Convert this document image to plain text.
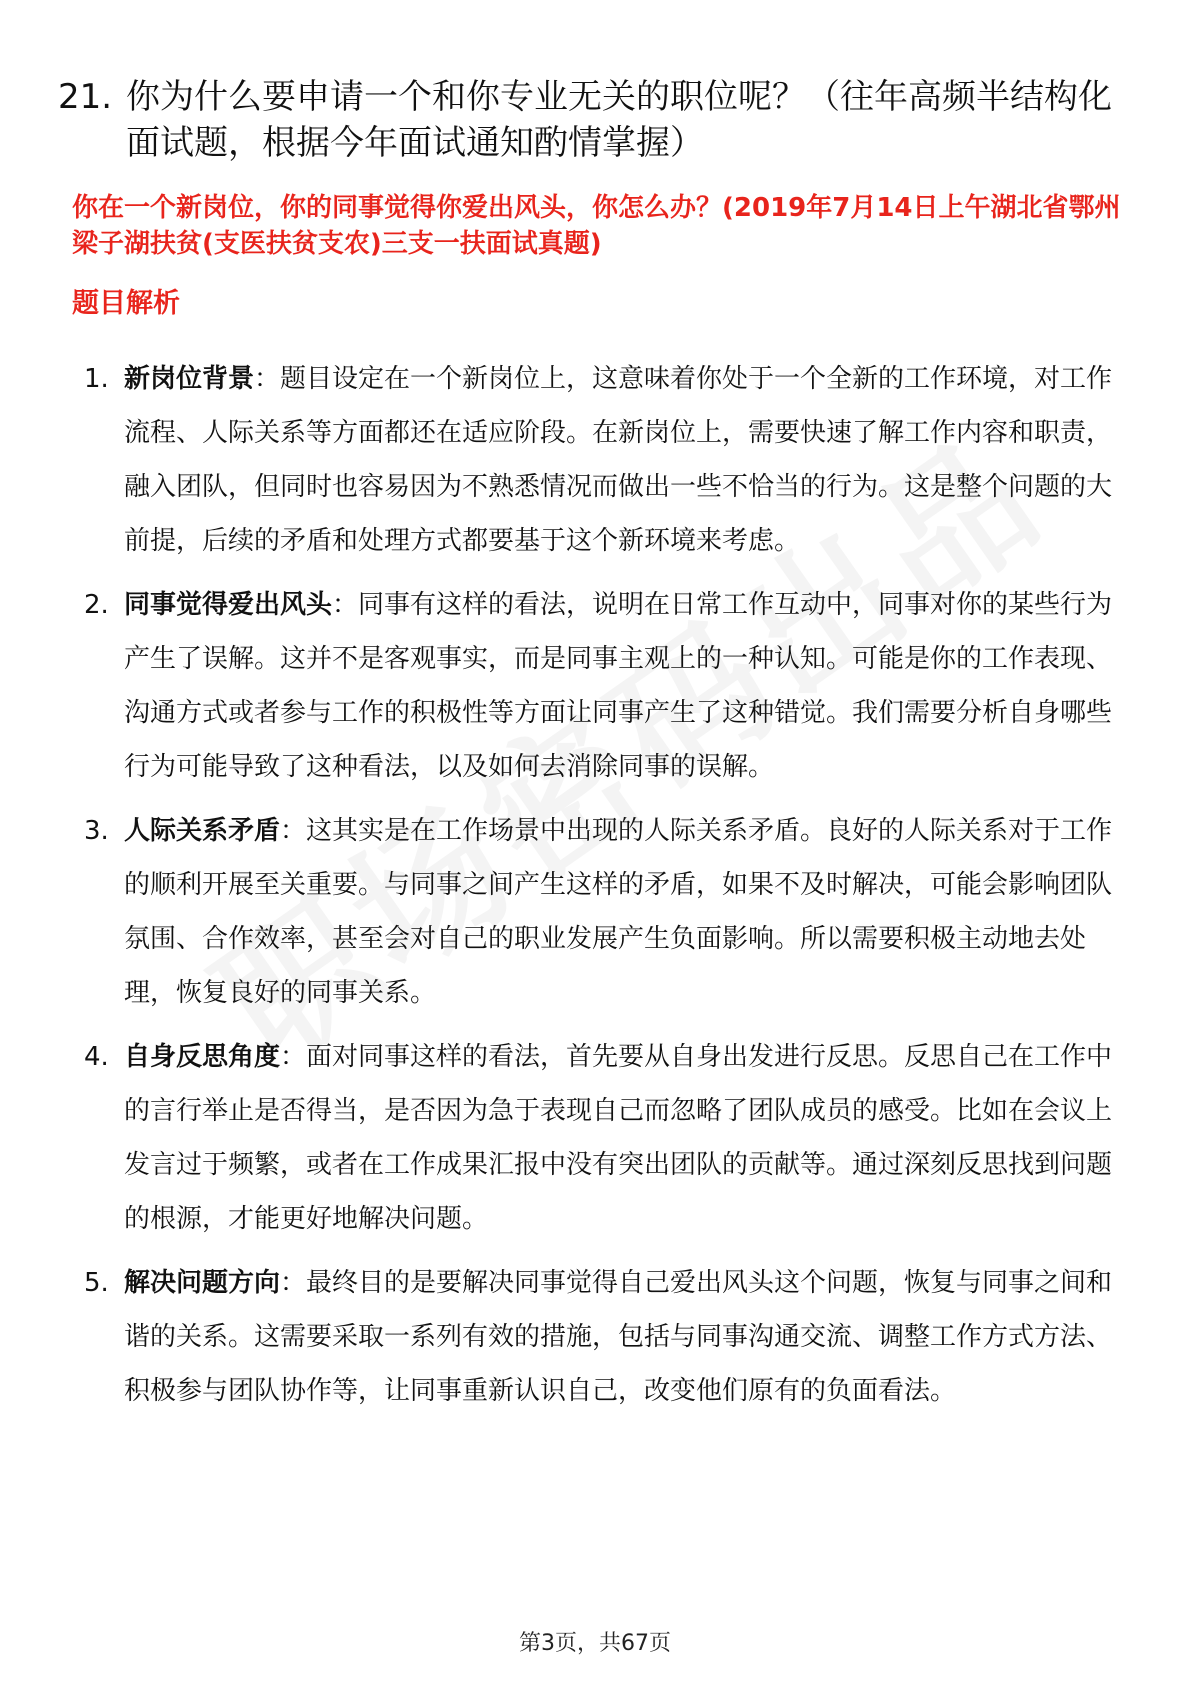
21. 你为什么要申请一个和你专业无关的职位呢？（往年高频半结构化面试题，根据今年面试通知酌情掌握）
你在一个新岗位，你的同事觉得你爱出风头，你怎么办？(2019年7月14日上午湖北省鄂州梁子湖扶贫(支医扶贫支农)三支一扶面试真题)
题目解析
1. 新岗位背景：题目设定在一个新岗位上，这意味着你处于一个全新的工作环境，对工作流程、人际关系等方面都还在适应阶段。在新岗位上，需要快速了解工作内容和职责，融入团队，但同时也容易因为不熟悉情况而做出一些不恰当的行为。这是整个问题的大前提，后续的矛盾和处理方式都要基于这个新环境来考虑。
2. 同事觉得爱出风头：同事有这样的看法，说明在日常工作互动中，同事对你的某些行为产生了误解。这并不是客观事实，而是同事主观上的一种认知。可能是你的工作表现、沟通方式或者参与工作的积极性等方面让同事产生了这种错觉。我们需要分析自身哪些行为可能导致了这种看法，以及如何去消除同事的误解。
3. 人际关系矛盾：这其实是在工作场景中出现的人际关系矛盾。良好的人际关系对于工作的顺利开展至关重要。与同事之间产生这样的矛盾，如果不及时解决，可能会影响团队氛围、合作效率，甚至会对自己的职业发展产生负面影响。所以需要积极主动地去处理，恢复良好的同事关系。
4. 自身反思角度：面对同事这样的看法，首先要从自身出发进行反思。反思自己在工作中的言行举止是否得当，是否因为急于表现自己而忽略了团队成员的感受。比如在会议上发言过于频繁，或者在工作成果汇报中没有突出团队的贡献等。通过深刻反思找到问题的根源，才能更好地解决问题。
5. 解决问题方向：最终目的是要解决同事觉得自己爱出风头这个问题，恢复与同事之间和谐的关系。这需要采取一系列有效的措施，包括与同事沟通交流、调整工作方式方法、积极参与团队协作等，让同事重新认识自己，改变他们原有的负面看法。
第3页，共67页
